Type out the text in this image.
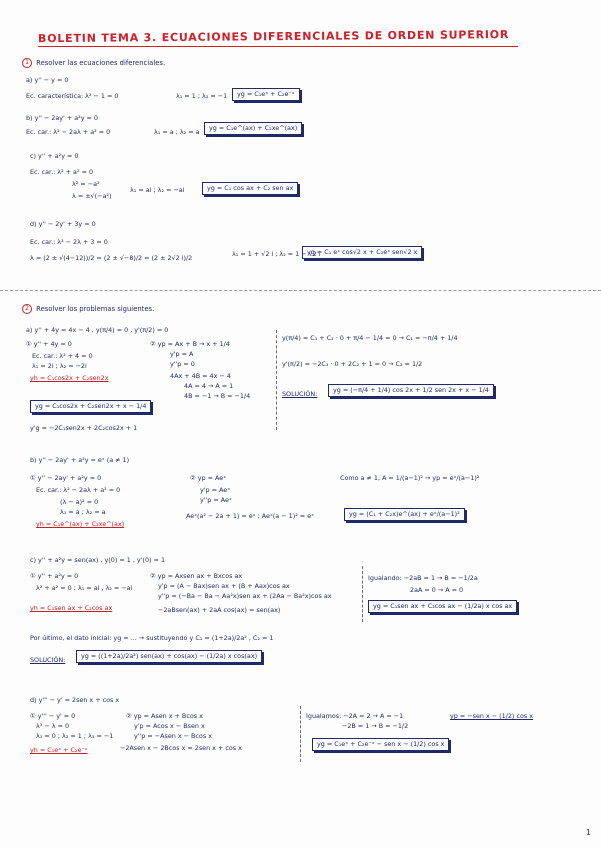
BOLETIN TEMA 3. ECUACIONES DIFERENCIALES DE ORDEN SUPERIOR
1 Resolver las ecuaciones diferenciales.
a) y'' − y = 0
Ec. característica: λ² − 1 = 0	λ₁ = 1 ; λ₂ = −1	yg = C₁eˣ + C₂e⁻ˣ
b) y'' − 2ay' + a²y = 0
Ec. car.: λ² − 2aλ + a² = 0	λ₁ = a ; λ₂ = a	yg = C₁e^(ax) + C₂xe^(ax)
c) y'' + a²y = 0
Ec. car.: λ² + a² = 0
λ² = −a²
λ = ±√(−a²)
λ₁ = ai ; λ₂ = −ai	yg = C₁ cos ax + C₂ sen ax
d) y'' − 2y' + 3y = 0
Ec. car.: λ² − 2λ + 3 = 0
λ = (2 ± √(4−12))/2 = (2 ± √−8)/2 = (2 ± 2√2 i)/2	λ₁ = 1 + √2 i ; λ₂ = 1 − √2 i
yg = C₁ eˣ cos√2 x + C₂eˣ sen√2 x
2 Resolver los problemas siguientes.
a) y'' + 4y = 4x − 4 , y(π/4) = 0 , y'(π/2) = 0
① y'' + 4y = 0
Ec. car.: λ² + 4 = 0
λ₁ = 2i ; λ₂ = −2i
yh = C₁cos2x + C₂sen2x
② yp = Ax + B → x + 1/4
y'p = A
y''p = 0
4Ax + 4B = 4x − 4
4A = 4 → A = 1
4B = −1 → B = −1/4
yg = C₁cos2x + C₂sen2x + x − 1/4
y'g = −2C₁sen2x + 2C₂cos2x + 1
y(π/4) = C₁ + C₂ · 0 + π/4 − 1/4 = 0 → C₁ = −π/4 + 1/4
y'(π/2) = −2C₁ · 0 + 2C₂ + 1 = 0 → C₂ = 1/2
SOLUCIÓN:	yg = (−π/4 + 1/4) cos 2x + 1/2 sen 2x + x − 1/4
b) y'' − 2ay' + a²y = eˣ (a ≠ 1)
① y'' − 2ay' + a²y = 0
Ec. car.: λ² − 2aλ + a² = 0
(λ − a)² = 0
λ₁ = a ; λ₂ = a
yh = C₁e^(ax) + C₂xe^(ax)
② yp = Aeˣ
y'p = Aeˣ
y''p = Aeˣ
Aeˣ(a² − 2a + 1) = eˣ ; Aeˣ(a − 1)² = eˣ
Como a ≠ 1, A = 1/(a−1)² → yp = eˣ/(a−1)²
yg = (C₁ + C₂x)e^(ax) + eˣ/(a−1)²
c) y'' + a²y = sen(ax) , y(0) = 1 , y'(0) = 1
① y'' + a²y = 0
λ² + a² = 0 ; λ₁ = ai , λ₂ = −ai
yh = C₁sen ax + C₂cos ax
② yp = Axsen ax + Bxcos ax
y'p = (A − Bax)sen ax + (B + Aax)cos ax
y''p = (−Ba − Ba − Aa²x)sen ax + (2Aa − Ba²x)cos ax
−2aBsen(ax) + 2aA cos(ax) = sen(ax)
Igualando: −2aB = 1 → B = −1/2a
2aA = 0 → A = 0
yg = C₁sen ax + C₂cos ax − (1/2a) x cos ax
Por último, el dato inicial: yg = ... → sustituyendo y C₁ = (1+2a)/2a² , C₂ = 1
SOLUCIÓN:	yg = ((1+2a)/2a²) sen(ax) + cos(ax) − (1/2a) x cos(ax)
d) y''' − y' = 2sen x + cos x
① y''' − y' = 0
λ³ − λ = 0
λ₁ = 0 ; λ₂ = 1 ; λ₃ = −1
yh = C₁eˣ + C₂e⁻ˣ
② yp = Asen x + Bcos x
y'p = Acos x − Bsen x
y''p = −Asen x − Bcos x
−2Asen x − 2Bcos x = 2sen x + cos x
Igualamos: −2A = 2 → A = −1
−2B = 1 → B = −1/2
yp = −sen x − (1/2) cos x
yg = C₁eˣ + C₂e⁻ˣ − sen x − (1/2) cos x
1
